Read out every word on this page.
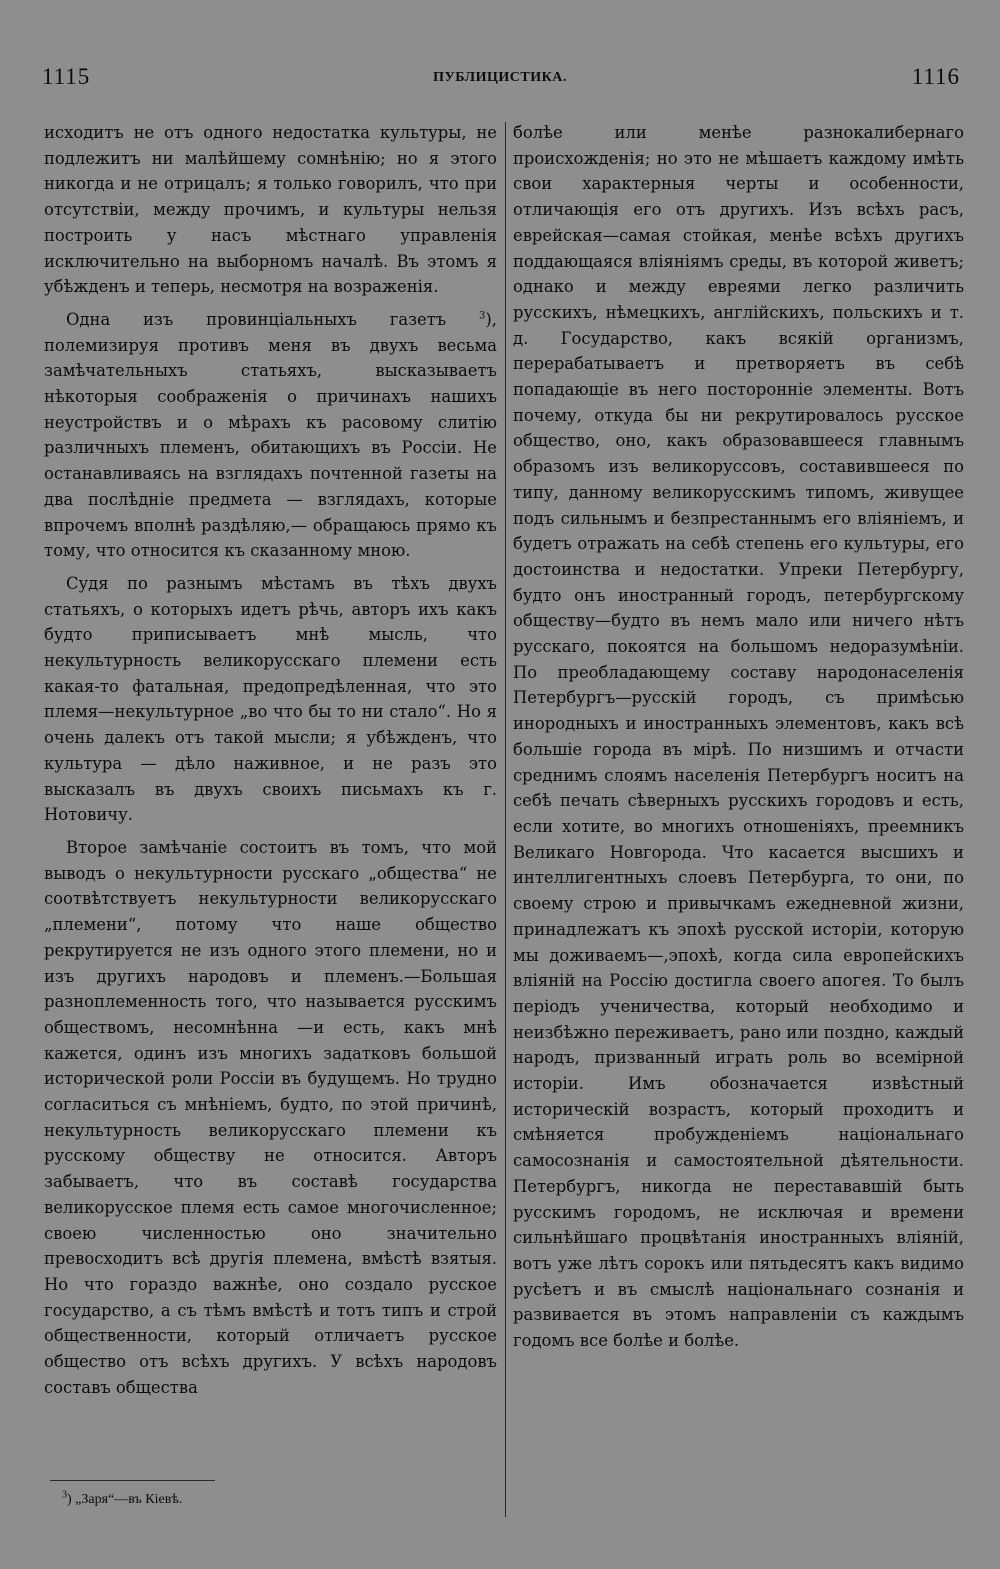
1115	ПУБЛИЦИСТИКА.	1116

исходитъ не отъ одного недостатка культуры, не подлежитъ ни малѣйшему сомнѣнію; но я этого никогда и не отрицалъ; я только говорилъ, что при отсутствіи, между прочимъ, и культуры нельзя построить у насъ мѣстнаго управленія исключительно на выборномъ началѣ. Въ этомъ я убѣжденъ и теперь, несмотря на возраженія.

Одна изъ провинціальныхъ газетъ $^3$), полемизируя противъ меня въ двухъ весьма замѣчательныхъ статьяхъ, высказываетъ нѣкоторыя соображенія о причинахъ нашихъ неустройствъ и о мѣрахъ къ расовому слитію различныхъ племенъ, обитающихъ въ Россіи. Не останавливаясь на взглядахъ почтенной газеты на два послѣдніе предмета — взглядахъ, которые впрочемъ вполнѣ раздѣляю,— обращаюсь прямо къ тому, что относится къ сказанному мною.

Судя по разнымъ мѣстамъ въ тѣхъ двухъ статьяхъ, о которыхъ идетъ рѣчь, авторъ ихъ какъ будто приписываетъ мнѣ мысль, что некультурность великорусскаго племени есть какая-то фатальная, предопредѣленная, что это племя—некультурное „во что бы то ни стало“. Но я очень далекъ отъ такой мысли; я убѣжденъ, что культура — дѣло наживное, и не разъ это высказалъ въ двухъ своихъ письмахъ къ г. Нотовичу.

Второе замѣчаніе состоитъ въ томъ, что мой выводъ о некультурности русскаго „общества“ не соотвѣтствуетъ некультурности великорусскаго „племени“, потому что наше общество рекрутируется не изъ одного этого племени, но и изъ другихъ народовъ и племенъ.—Большая разноплеменность того, что называется русскимъ обществомъ, несомнѣнна —и есть, какъ мнѣ кажется, одинъ изъ многихъ задатковъ большой исторической роли Россіи въ будущемъ. Но трудно согласиться съ мнѣніемъ, будто, по этой причинѣ, некультурность великорусскаго племени къ русскому обществу не относится. Авторъ забываетъ, что въ составѣ государства великорусское племя есть самое многочисленное; своею численностью оно значительно превосходитъ всѣ другія племена, вмѣстѣ взятыя. Но что гораздо важнѣе, оно создало русское государство, а съ тѣмъ вмѣстѣ и тотъ типъ и строй общественности, который отличаетъ русское общество отъ всѣхъ другихъ. У всѣхъ народовъ составъ общества

болѣе или менѣе разнокалибернаго происхожденія; но это не мѣшаетъ каждому имѣть свои характерныя черты и особенности, отличающія его отъ другихъ. Изъ всѣхъ расъ, еврейская—самая стойкая, менѣе всѣхъ другихъ поддающаяся вліяніямъ среды, въ которой живетъ; однако и между евреями легко различить русскихъ, нѣмецкихъ, англійскихъ, польскихъ и т. д. Государство, какъ всякій организмъ, перерабатываетъ и претворяетъ въ себѣ попадающіе въ него посторонніе элементы. Вотъ почему, откуда бы ни рекрутировалось русское общество, оно, какъ образовавшееся главнымъ образомъ изъ великоруссовъ, составившееся по типу, данному великорусскимъ типомъ, живущее подъ сильнымъ и безпрестаннымъ его вліяніемъ, и будетъ отражать на себѣ степень его культуры, его достоинства и недостатки. Упреки Петербургу, будто онъ иностранный городъ, петербургскому обществу—будто въ немъ мало или ничего нѣтъ русскаго, покоятся на большомъ недоразумѣніи. По преобладающему составу народонаселенія Петербургъ—русскій городъ, съ примѣсью инородныхъ и иностранныхъ элементовъ, какъ всѣ большіе города въ мірѣ. По низшимъ и отчасти среднимъ слоямъ населенія Петербургъ носитъ на себѣ печать сѣверныхъ русскихъ городовъ и есть, если хотите, во многихъ отношеніяхъ, преемникъ Великаго Новгорода. Что касается высшихъ и интеллигентныхъ слоевъ Петербурга, то они, по своему строю и привычкамъ ежедневной жизни, принадлежатъ къ эпохѣ русской исторіи, которую мы доживаемъ—,эпохѣ, когда сила европейскихъ вліяній на Россію достигла своего апогея. То былъ періодъ ученичества, который необходимо и неизбѣжно переживаетъ, рано или поздно, каждый народъ, призванный играть роль во всемірной исторіи. Имъ обозначается извѣстный историческій возрастъ, который проходитъ и смѣняется пробужденіемъ національнаго самосознанія и самостоятельной дѣятельности. Петербургъ, никогда не перестававшій быть русскимъ городомъ, не исключая и времени сильнѣйшаго процвѣтанія иностранныхъ вліяній, вотъ уже лѣтъ сорокъ или пятьдесятъ какъ видимо русѣетъ и въ смыслѣ національнаго сознанія и развивается въ этомъ направленіи съ каждымъ годомъ все болѣе и болѣе.

$^3$) „Заря“—въ Кіевѣ.
